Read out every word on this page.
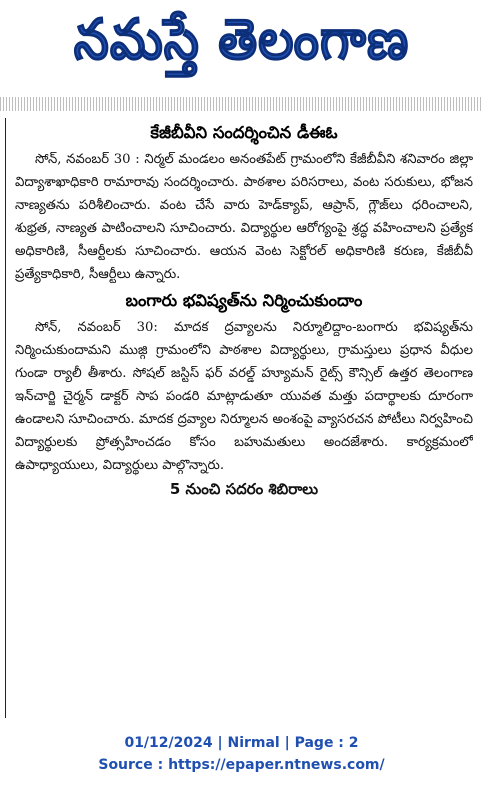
నమస్తే తెలంగాణ
కేజీబీవీని సందర్శించిన డీఈఓ

సోన్, నవంబర్ 30 : నిర్మల్ మండలం అనంతపేట్ గ్రామంలోని కేజీబీవీని శనివారం జిల్లా విద్యాశాఖాధికారి రామారావు సందర్శించారు. పాఠశాల పరిసరాలు, వంట సరుకులు, భోజన నాణ్యతను పరిశీలించారు. వంట చేసే వారు హెడ్‌క్యాప్, ఆప్రాన్, గ్లౌజ్‌లు ధరించాలని, శుభ్రత, నాణ్యత పాటించాలని సూచించారు. విద్యార్థుల ఆరోగ్యంపై శ్రద్ధ వహించాలని ప్రత్యేక అధికారిణి, సీఆర్టీలకు సూచించారు. ఆయన వెంట సెక్టోరల్ అధికారిణి కరుణ, కేజీబీవీ ప్రత్యేకాధికారి, సీఆర్టీలు ఉన్నారు.

బంగారు భవిష్యత్‌ను నిర్మించుకుందాం

సోన్, నవంబర్ 30: మాదక ద్రవ్యాలను నిర్మూలిద్దాం-బంగారు భవిష్యత్‌ను నిర్మించుకుందామని ముజ్గి గ్రామంలోని పాఠశాల విద్యార్థులు, గ్రామస్తులు ప్రధాన వీధుల గుండా ర్యాలీ తీశారు. సోషల్ జస్టిస్ ఫర్ వరల్డ్ హ్యూమన్ రైట్స్ కౌన్సిల్ ఉత్తర తెలంగాణ ఇన్‌చార్జి చైర్మన్ డాక్టర్ సాప పండరి మాట్లాడుతూ యువత మత్తు పదార్థాలకు దూరంగా ఉండాలని సూచించారు. మాదక ద్రవ్యాల నిర్మూలన అంశంపై వ్యాసరచన పోటీలు నిర్వహించి విద్యార్థులకు ప్రోత్సహించడం కోసం బహుమతులు అందజేశారు. కార్యక్రమంలో ఉపాధ్యాయులు, విద్యార్థులు పాల్గొన్నారు.

5 నుంచి సదరం శిబిరాలు
01/12/2024 | Nirmal | Page : 2
Source : https://epaper.ntnews.com/
